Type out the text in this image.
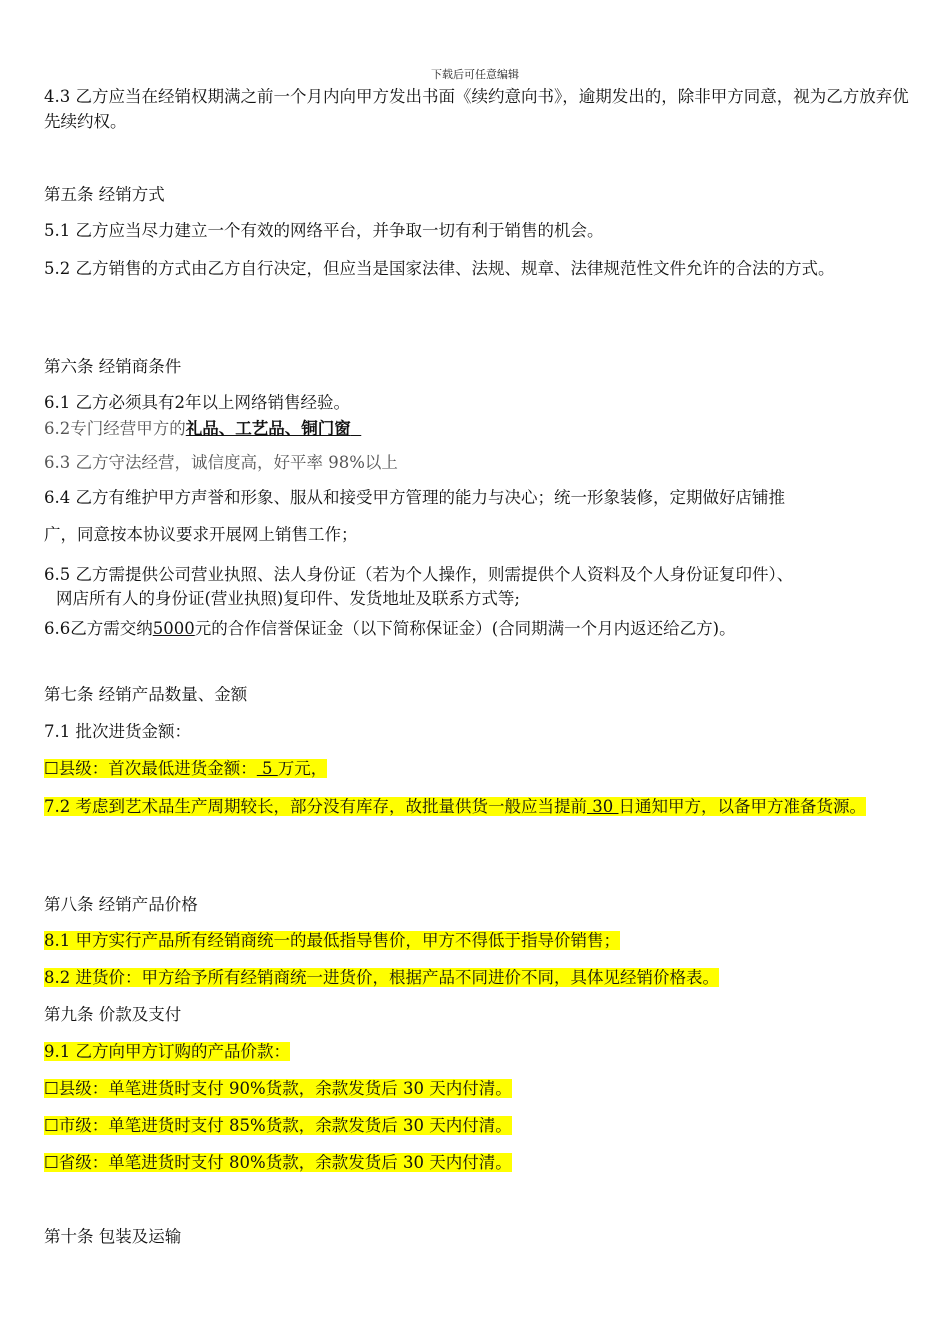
下载后可任意编辑
4.3 乙方应当在经销权期满之前一个月内向甲方发出书面《续约意向书》，逾期发出的，除非甲方同意，视为乙方放弃优先续约权。
第五条 经销方式
5.1 乙方应当尽力建立一个有效的网络平台，并争取一切有利于销售的机会。
5.2 乙方销售的方式由乙方自行决定，但应当是国家法律、法规、规章、法律规范性文件允许的合法的方式。
第六条 经销商条件
6.1 乙方必须具有2年以上网络销售经验。
6.2专门经营甲方的礼品、工艺品、铜门窗
6.3 乙方守法经营，诚信度高，好平率 98%以上
6.4 乙方有维护甲方声誉和形象、服从和接受甲方管理的能力与决心；统一形象装修，定期做好店铺推
广，同意按本协议要求开展网上销售工作；
6.5 乙方需提供公司营业执照、法人身份证（若为个人操作，则需提供个人资料及个人身份证复印件）、
网店所有人的身份证(营业执照)复印件、发货地址及联系方式等;
6.6乙方需交纳5000元的合作信誉保证金（以下简称保证金）(合同期满一个月内返还给乙方)。
第七条 经销产品数量、金额
7.1 批次进货金额：
☐县级：首次最低进货金额： 5 万元，
7.2 考虑到艺术品生产周期较长，部分没有库存，故批量供货一般应当提前 30 日通知甲方，以备甲方准备货源。
第八条 经销产品价格
8.1 甲方实行产品所有经销商统一的最低指导售价，甲方不得低于指导价销售；
8.2 进货价：甲方给予所有经销商统一进货价，根据产品不同进价不同，具体见经销价格表。
第九条 价款及支付
9.1 乙方向甲方订购的产品价款：
☐县级：单笔进货时支付 90%货款，余款发货后 30 天内付清。
☐市级：单笔进货时支付 85%货款，余款发货后 30 天内付清。
☐省级：单笔进货时支付 80%货款，余款发货后 30 天内付清。
第十条 包装及运输
